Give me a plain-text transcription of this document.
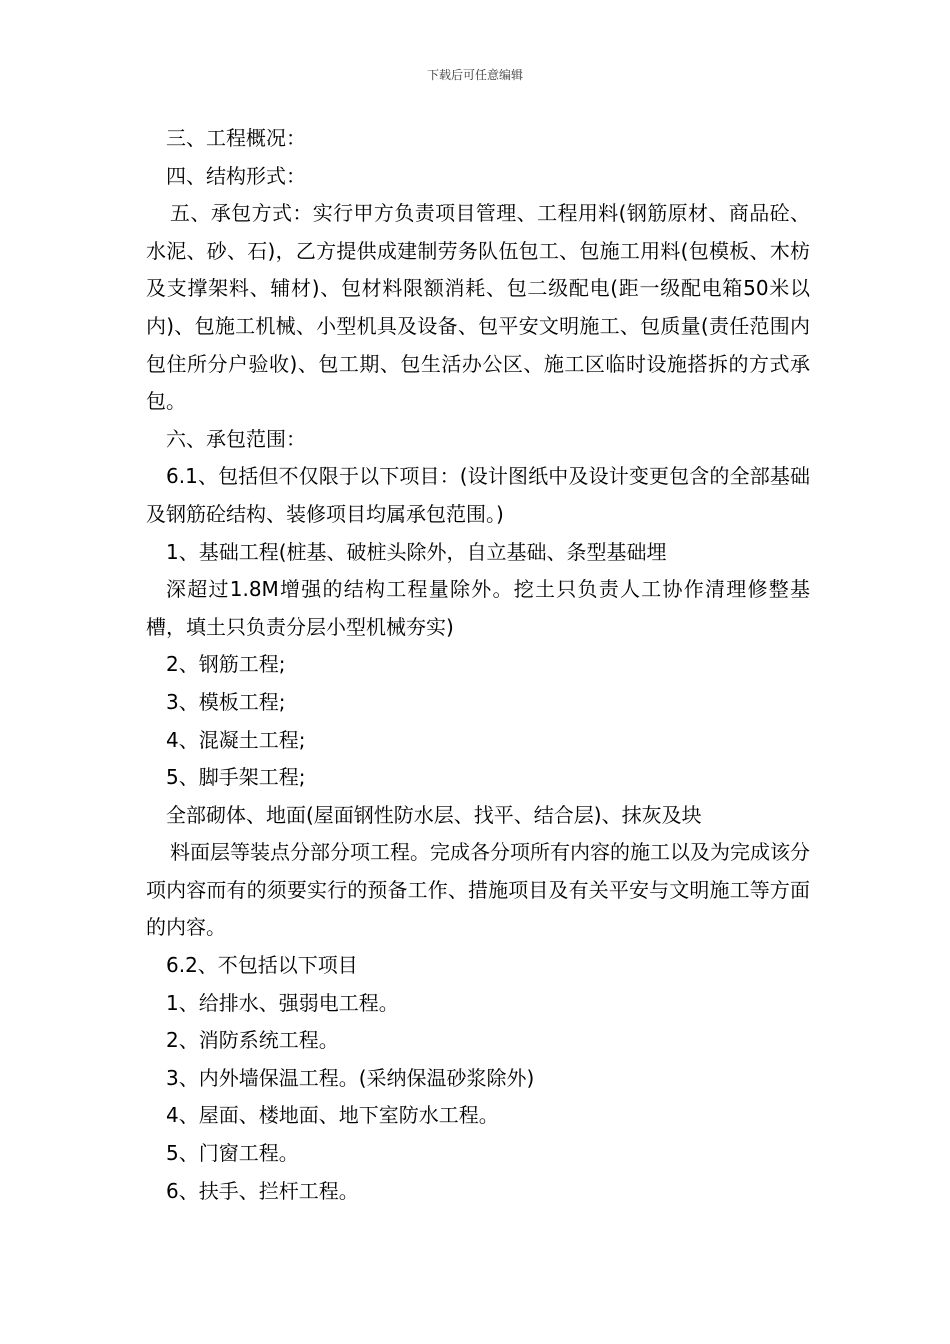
下载后可任意编辑

三、工程概况：

四、结构形式：

五、承包方式：实行甲方负责项目管理、工程用料(钢筋原材、商品砼、水泥、砂、石)，乙方提供成建制劳务队伍包工、包施工用料(包模板、木枋及支撑架料、辅材)、包材料限额消耗、包二级配电(距一级配电箱50米以内)、包施工机械、小型机具及设备、包平安文明施工、包质量(责任范围内包住所分户验收)、包工期、包生活办公区、施工区临时设施搭拆的方式承包。

六、承包范围：

6.1、包括但不仅限于以下项目：(设计图纸中及设计变更包含的全部基础及钢筋砼结构、装修项目均属承包范围。)

1、基础工程(桩基、破桩头除外，自立基础、条型基础埋

深超过1.8M增强的结构工程量除外。挖土只负责人工协作清理修整基槽，填土只负责分层小型机械夯实)

2、钢筋工程;

3、模板工程;

4、混凝土工程;

5、脚手架工程;

全部砌体、地面(屋面钢性防水层、找平、结合层)、抹灰及块

料面层等装点分部分项工程。完成各分项所有内容的施工以及为完成该分项内容而有的须要实行的预备工作、措施项目及有关平安与文明施工等方面的内容。

6.2、不包括以下项目

1、给排水、强弱电工程。

2、消防系统工程。

3、内外墙保温工程。(采纳保温砂浆除外)

4、屋面、楼地面、地下室防水工程。

5、门窗工程。

6、扶手、拦杆工程。
